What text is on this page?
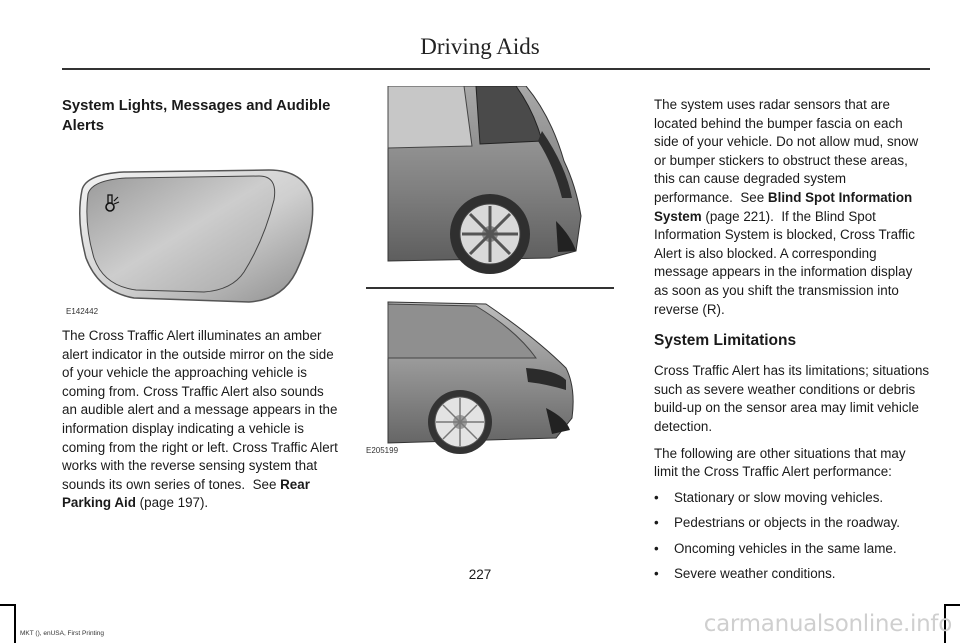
Driving Aids

System Lights, Messages and Audible Alerts

E142442

The Cross Traffic Alert illuminates an amber alert indicator in the outside mirror on the side of your vehicle the approaching vehicle is coming from. Cross Traffic Alert also sounds an audible alert and a message appears in the information display indicating a vehicle is coming from the right or left. Cross Traffic Alert works with the reverse sensing system that sounds its own series of tones. See Rear Parking Aid (page 197).

E205199

The system uses radar sensors that are located behind the bumper fascia on each side of your vehicle. Do not allow mud, snow or bumper stickers to obstruct these areas, this can cause degraded system performance. See Blind Spot Information System (page 221). If the Blind Spot Information System is blocked, Cross Traffic Alert is also blocked. A corresponding message appears in the information display as soon as you shift the transmission into reverse (R).

System Limitations

Cross Traffic Alert has its limitations; situations such as severe weather conditions or debris build-up on the sensor area may limit vehicle detection.

The following are other situations that may limit the Cross Traffic Alert performance:

•	Stationary or slow moving vehicles.
•	Pedestrians or objects in the roadway.
•	Oncoming vehicles in the same lame.
•	Severe weather conditions.
227
MKT (), enUSA, First Printing	carmanualsonline.info
